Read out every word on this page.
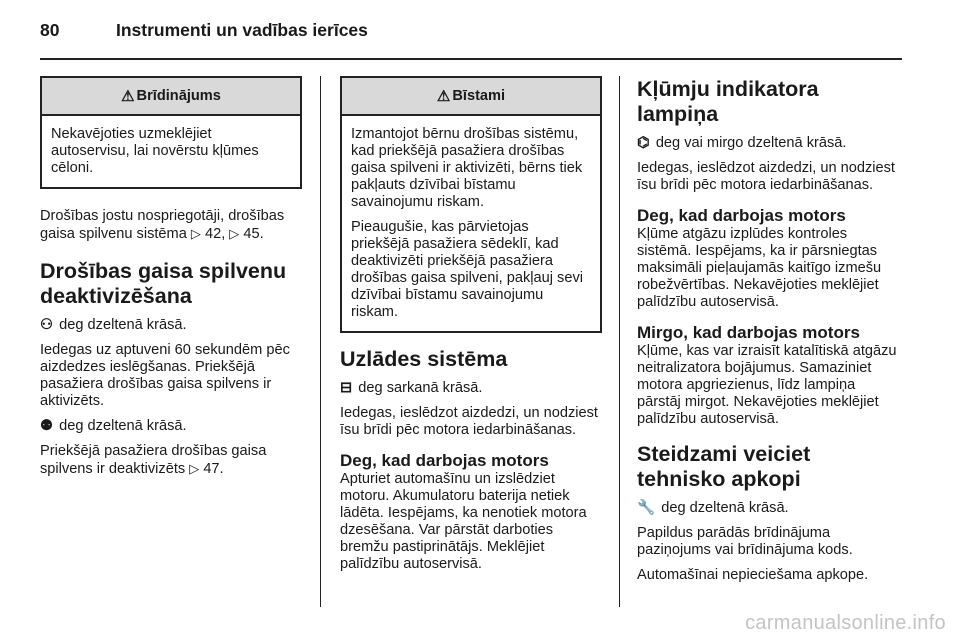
80	Instrumenti un vadības ierīces
⚠ Brīdinājums

Nekavējoties uzmeklējiet autoservisu, lai novērstu kļūmes cēloni.

Drošības jostu nospriegotāji, drošības gaisa spilvenu sistēma ▷ 42, ▷ 45.

Drošības gaisa spilvenu deaktivizēšana

⚇ deg dzeltenā krāsā.

Iedegas uz aptuveni 60 sekundēm pēc aizdedzes ieslēgšanas. Priekšējā pasažiera drošības gaisa spilvens ir aktivizēts.

⚉ deg dzeltenā krāsā.

Priekšējā pasažiera drošības gaisa spilvens ir deaktivizēts ▷ 47.

⚠ Bīstami

Izmantojot bērnu drošības sistēmu, kad priekšējā pasažiera drošības gaisa spilveni ir aktivizēti, bērns tiek pakļauts dzīvībai bīstamu savainojumu riskam.

Pieaugušie, kas pārvietojas priekšējā pasažiera sēdeklī, kad deaktivizēti priekšējā pasažiera drošības gaisa spilveni, pakļauj sevi dzīvībai bīstamu savainojumu riskam.

Uzlādes sistēma

⊟ deg sarkanā krāsā.

Iedegas, ieslēdzot aizdedzi, un nodziest īsu brīdi pēc motora iedarbināšanas.

Deg, kad darbojas motors

Apturiet automašīnu un izslēdziet motoru. Akumulatoru baterija netiek lādēta. Iespējams, ka nenotiek motora dzesēšana. Var pārstāt darboties bremžu pastiprinātājs. Meklējiet palīdzību autoservisā.

Kļūmju indikatora lampiņa

⌬ deg vai mirgo dzeltenā krāsā.

Iedegas, ieslēdzot aizdedzi, un nodziest īsu brīdi pēc motora iedarbināšanas.

Deg, kad darbojas motors

Kļūme atgāzu izplūdes kontroles sistēmā. Iespējams, ka ir pārsniegtas maksimāli pieļaujamās kaitīgo izmešu robežvērtības. Nekavējoties meklējiet palīdzību autoservisā.

Mirgo, kad darbojas motors

Kļūme, kas var izraisīt katalītiskā atgāzu neitralizatora bojājumus. Samaziniet motora apgriezienus, līdz lampiņa pārstāj mirgot. Nekavējoties meklējiet palīdzību autoservisā.

Steidzami veiciet tehnisko apkopi

🔧 deg dzeltenā krāsā.

Papildus parādās brīdinājuma paziņojums vai brīdinājuma kods.

Automašīnai nepieciešama apkope.

carmanualsonline.info
